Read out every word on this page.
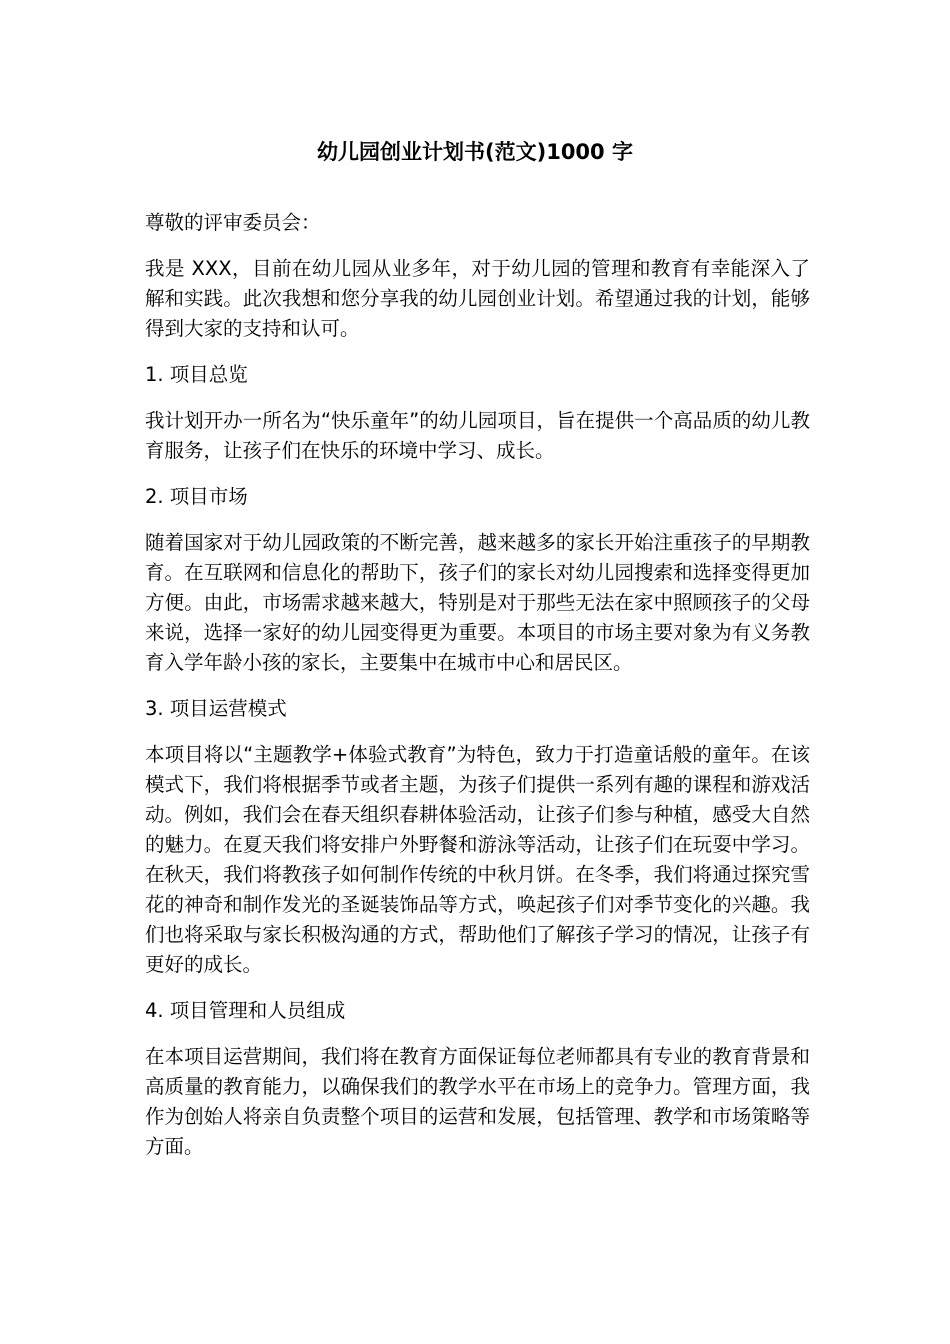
幼儿园创业计划书(范文)1000 字

尊敬的评审委员会：

我是 XXX，目前在幼儿园从业多年，对于幼儿园的管理和教育有幸能深入了解和实践。此次我想和您分享我的幼儿园创业计划。希望通过我的计划，能够得到大家的支持和认可。

1. 项目总览

我计划开办一所名为“快乐童年”的幼儿园项目，旨在提供一个高品质的幼儿教育服务，让孩子们在快乐的环境中学习、成长。

2. 项目市场

随着国家对于幼儿园政策的不断完善，越来越多的家长开始注重孩子的早期教育。在互联网和信息化的帮助下，孩子们的家长对幼儿园搜索和选择变得更加方便。由此，市场需求越来越大，特别是对于那些无法在家中照顾孩子的父母来说，选择一家好的幼儿园变得更为重要。本项目的市场主要对象为有义务教育入学年龄小孩的家长，主要集中在城市中心和居民区。

3. 项目运营模式

本项目将以“主题教学+体验式教育”为特色，致力于打造童话般的童年。在该模式下，我们将根据季节或者主题，为孩子们提供一系列有趣的课程和游戏活动。例如，我们会在春天组织春耕体验活动，让孩子们参与种植，感受大自然的魅力。在夏天我们将安排户外野餐和游泳等活动，让孩子们在玩耍中学习。在秋天，我们将教孩子如何制作传统的中秋月饼。在冬季，我们将通过探究雪花的神奇和制作发光的圣诞装饰品等方式，唤起孩子们对季节变化的兴趣。我们也将采取与家长积极沟通的方式，帮助他们了解孩子学习的情况，让孩子有更好的成长。

4. 项目管理和人员组成

在本项目运营期间，我们将在教育方面保证每位老师都具有专业的教育背景和高质量的教育能力，以确保我们的教学水平在市场上的竞争力。管理方面，我作为创始人将亲自负责整个项目的运营和发展，包括管理、教学和市场策略等方面。
